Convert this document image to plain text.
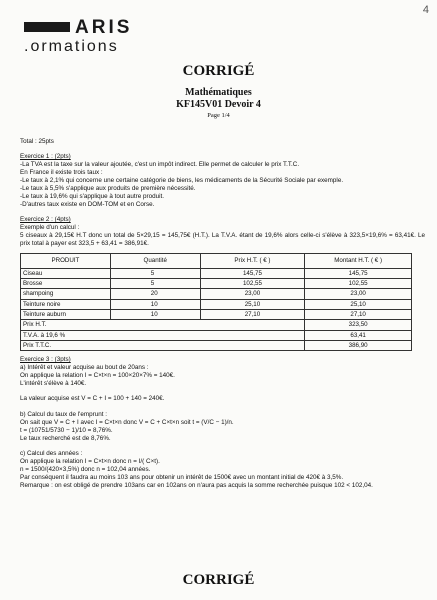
ARIS
.ormations
4
CORRIGÉ
Mathématiques
KF145V01 Devoir 4
Page 1/4

Total : 25pts

Exercice 1 : (2pts)

-La TVA est la taxe sur la valeur ajoutée, c'est un impôt indirect. Elle permet de calculer le prix T.T.C.

En France il existe trois taux :

-Le taux à 2,1% qui concerne une certaine catégorie de biens, les médicaments de la Sécurité Sociale par exemple.

-Le taux à 5,5% s'applique aux produits de première nécessité.

-Le taux à 19,6% qui s'applique à tout autre produit.

-D'autres taux existe en DOM-TOM et en Corse.

Exercice 2 : (4pts)

Exemple d'un calcul :

5 ciseaux à 29,15€ H.T donc un total de 5×29,15 = 145,75€ (H.T.). La T.V.A. étant de 19,6% alors celle-ci s'élève à 323,5×19,6% = 63,41€. Le prix total à payer est 323,5 + 63,41 = 386,91€.

PRODUIT	Quantité	Prix H.T. ( € )	Montant H.T. ( € )
Ciseau	5	145,75	145,75
Brosse	5	102,55	102,55
shampoing	20	23,00	23,00
Teinture noire	10	25,10	25,10
Teinture auburn	10	27,10	27,10
Prix H.T.			323,50
T.V.A. à 19,6 %			63,41
Prix T.T.C.			386,90

Exercice 3 : (3pts)

a) Intérêt et valeur acquise au bout de 20ans :

On applique la relation I = C×t×n = 100×20×7% = 140€.

L'intérêt s'élève à 140€.

La valeur acquise est V = C + I = 100 + 140 = 240€.

b) Calcul du taux de l'emprunt :

On sait que V = C + I avec I = C×t×n donc V = C + C×t×n soit t = (V/C − 1)/n.

t = (10751/5730 − 1)/10 = 8,76%.

Le taux recherché est de 8,76%.

c) Calcul des années :

On applique la relation I = C×t×n donc n = I/( C×t).

n = 1500/(420×3,5%) donc n = 102,04 années.

Par conséquent il faudra au moins 103 ans pour obtenir un intérêt de 1500€ avec un montant initial de 420€ à 3,5%.

Remarque : on est obligé de prendre 103ans car en 102ans on n'aura pas acquis la somme recherchée puisque 102 < 102,04.

CORRIGÉ
